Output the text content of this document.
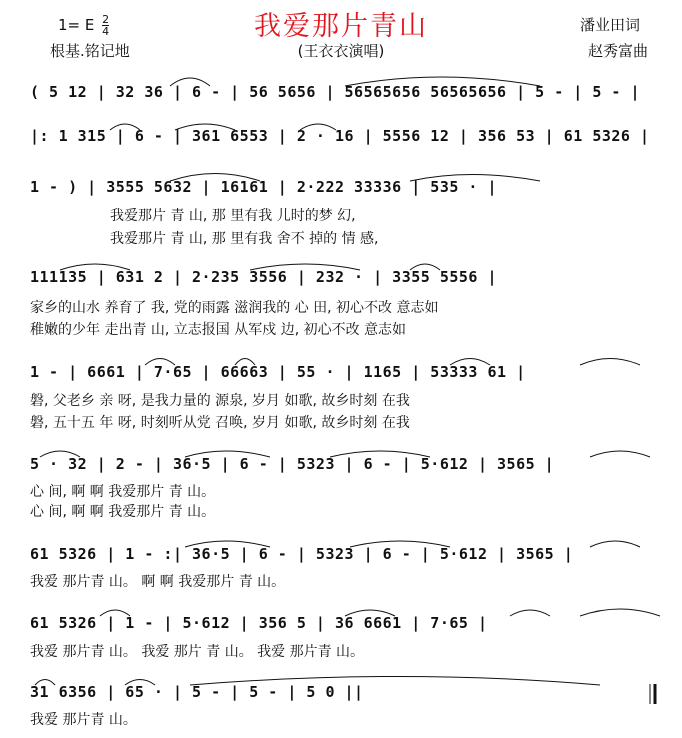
我爱那片青山
1= E $\frac{2}{4}$
根基.铭记地	(王衣衣演唱)
潘业田词
赵秀富曲
( 5 12 | 32 36 | 6 - | 56 5656 | 56565656 56565656 | 5 - | 5 - |
|: 1 315 | 6 - | 361 6553 | 2 · 16 | 5556 12 | 356 53 | 61 5326 |
1 - ) | 3555 5632 | 16161 | 2·222 33336 | 535 · |
我爱那片 青 山, 那 里有我 儿时的梦 幻,
我爱那片 青 山, 那 里有我 舍不 掉的 情 感,
111135 | 631 2 | 2·235 3556 | 232 · | 3355 5556 |
家乡的山水 养育了 我, 党的雨露 滋润我的 心 田, 初心不改 意志如
稚嫩的少年 走出青 山, 立志报国 从军戍 边, 初心不改 意志如
1 - | 6661 | 7·65 | 66663 | 55 · | 1165 | 53333 61 |
磐, 父老乡 亲 呀, 是我力量的 源泉, 岁月 如歌, 故乡时刻 在我
磐, 五十五 年 呀, 时刻听从党 召唤, 岁月 如歌, 故乡时刻 在我
5 · 32 | 2 - | 36·5 | 6 - | 5323 | 6 - | 5·612 | 3565 |
心 间, 啊 啊 我爱那片 青 山。
心 间, 啊 啊 我爱那片 青 山。
61 5326 | 1 - :| 36·5 | 6 - | 5323 | 6 - | 5·612 | 3565 |
我爱 那片青 山。 啊 啊 我爱那片 青 山。
61 5326 | 1 - | 5·612 | 356 5 | 36 6661 | 7·65 |
我爱 那片青 山。 我爱 那片 青 山。 我爱 那片青 山。
31 6356 | 65 · | 5 - | 5 - | 5 0 ||
我爱 那片青 山。
